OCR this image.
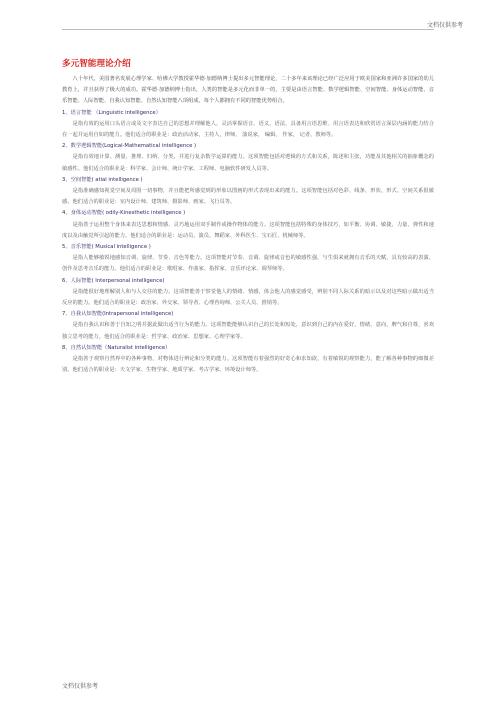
文档仅供参考
多元智能理论介绍

八十年代，美国著名发展心理学家、哈佛大学教授霍华德·加德纳博士提出多元智能理论，二十多年来该理论已经广泛应用于欧美国家和亚洲许多国家的幼儿教育上，并且获得了极大的成功。霍华德·加德纳博士指出，人类的智能是多元化而非单一的，主要是由语言智能、数学逻辑智能、空间智能、身体运动智能、音乐智能、人际智能、自我认知智能、自然认知智能八项组成，每个人都拥有不同的智能优势组合。

1、语言智能 （Linguistic intelligence）

是指有效的运用口头语言或及文字表达自己的思想并理解他人，灵活掌握语音、语义、语法，具备用言语思维、用言语表达和欣赏语言深层内涵的能力结合在一起并运用自如的能力。他们适合的职业是：政治活动家，主持人，律师， 演说家， 编辑， 作家， 记者，教师等。

2、数学逻辑智能(Logical-Mathematical intelligence )

是指有效地计算、测量、推理、归纳、分类，并进行复杂数学运算的能力。这项智能包括对逻辑的方式和关系，陈述和主张，功能及其他相关的抽象概念的敏感性。他们适合的职业是：科学家、会计师、统计学家、工程师、电脑软件研发人员等。

3、空间智能( atial intelligence )

是指准确感知视觉空间及周围一切事物，并且能把所感觉到的形象以图画的形式表现出来的能力。这项智能包括对色彩、线条、形状、形式、空间关系很敏感。他们适合的职业是：室内设计师、建筑师、摄影师、画家、飞行员等。

4、身体运动智能( odily-Kinesthetic intelligence )

是指善于运用整个身体来表达思想和情感、灵巧地运用双手制作或操作物体的能力。这项智能包括特殊的身体技巧，如平衡、协调、敏捷、力量、弹性和速度以及由触觉所引起的能力。他们适合的职业是：运动员、演员、舞蹈家、外科医生、宝石匠、机械师等。

5、音乐智能( Musical intelligence )

是指人能够敏锐地感知音调、旋律、节奏、音色等能力。这项智能对节奏、音调、旋律或音色的敏感性强，与生俱来就拥有音乐的天赋，具有较高的表演、创作及思考音乐的能力。他们适合的职业是：歌唱家、作曲家、指挥家、音乐评论家、调琴师等。

6、人际智能( Interpersonal intelligence)

是指能很好地理解别人和与人交往的能力。这项智能善于察觉他人的情绪、情感，体会他人的感觉感受，辨别不同人际关系的暗示以及对这些暗示做出适当反应的能力。他们适合的职业是：政治家、外交家、领导者、心理咨询师、公关人员、推销等。

7、自我认知智能(Intrapersonal intelligence)

是指自我认识和善于自知之明并据此做出适当行为的能力。这项智能能够认识自己的长处和短处，意识到自己的内在爱好、情绪、意向、脾气和自尊，喜欢独立思考的能力。他们适合的职业是：哲学家、政治家、思想家、心理学家等。

8、自然认知智能（Naturalist intelligence）

是指善于观察自然界中的各种事物，对物体进行辨论和分类的能力。这项智能有着强烈的好奇心和求知欲，有着敏锐的观察能力，能了解各种事物的细微差别。他们适合的职业是：天文学家、生物学家、地质学家、考古学家、环境设计师等。

文档仅供参考
